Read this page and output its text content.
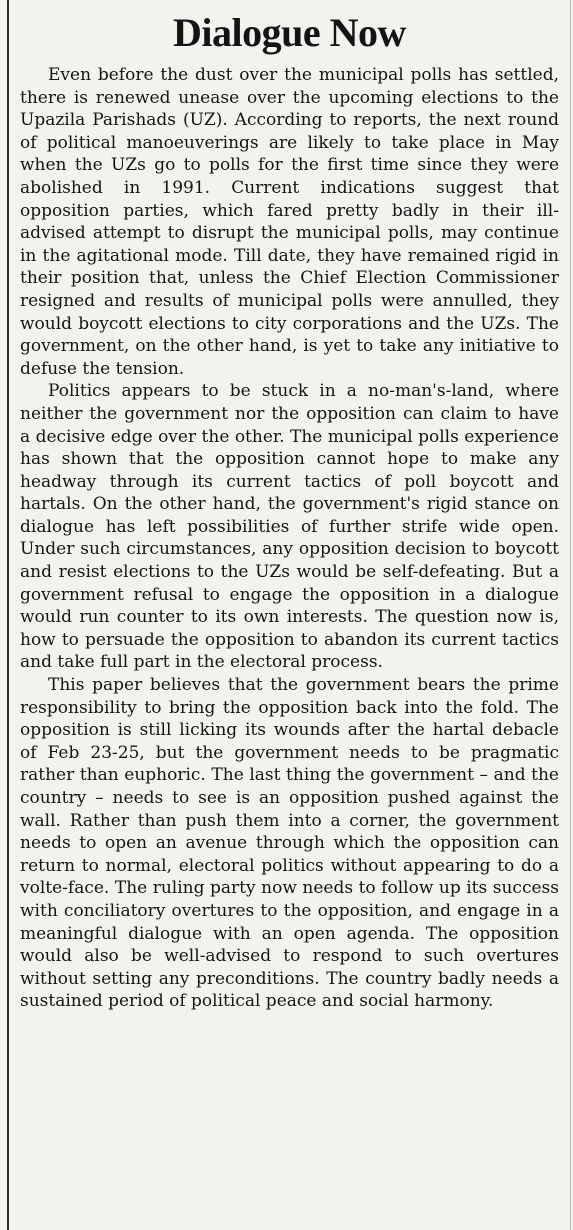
Dialogue Now

Even before the dust over the municipal polls has settled, there is renewed unease over the upcoming elections to the Upazila Parishads (UZ). According to reports, the next round of political manoeuverings are likely to take place in May when the UZs go to polls for the first time since they were abolished in 1991. Current indications suggest that opposition parties, which fared pretty badly in their ill-advised attempt to disrupt the municipal polls, may continue in the agitational mode. Till date, they have remained rigid in their position that, unless the Chief Election Commissioner resigned and results of municipal polls were annulled, they would boycott elections to city corporations and the UZs. The government, on the other hand, is yet to take any initiative to defuse the tension.

Politics appears to be stuck in a no-man's-land, where neither the government nor the opposition can claim to have a decisive edge over the other. The municipal polls experience has shown that the opposition cannot hope to make any headway through its current tactics of poll boycott and hartals. On the other hand, the government's rigid stance on dialogue has left possibilities of further strife wide open. Under such circumstances, any opposition decision to boycott and resist elections to the UZs would be self-defeating. But a government refusal to engage the opposition in a dialogue would run counter to its own interests. The question now is, how to persuade the opposition to abandon its current tactics and take full part in the electoral process.

This paper believes that the government bears the prime responsibility to bring the opposition back into the fold. The opposition is still licking its wounds after the hartal debacle of Feb 23-25, but the government needs to be pragmatic rather than euphoric. The last thing the government – and the country – needs to see is an opposition pushed against the wall. Rather than push them into a corner, the government needs to open an avenue through which the opposition can return to normal, electoral politics without appearing to do a volte-face. The ruling party now needs to follow up its success with conciliatory overtures to the opposition, and engage in a meaningful dialogue with an open agenda. The opposition would also be well-advised to respond to such overtures without setting any preconditions. The country badly needs a sustained period of political peace and social harmony.
